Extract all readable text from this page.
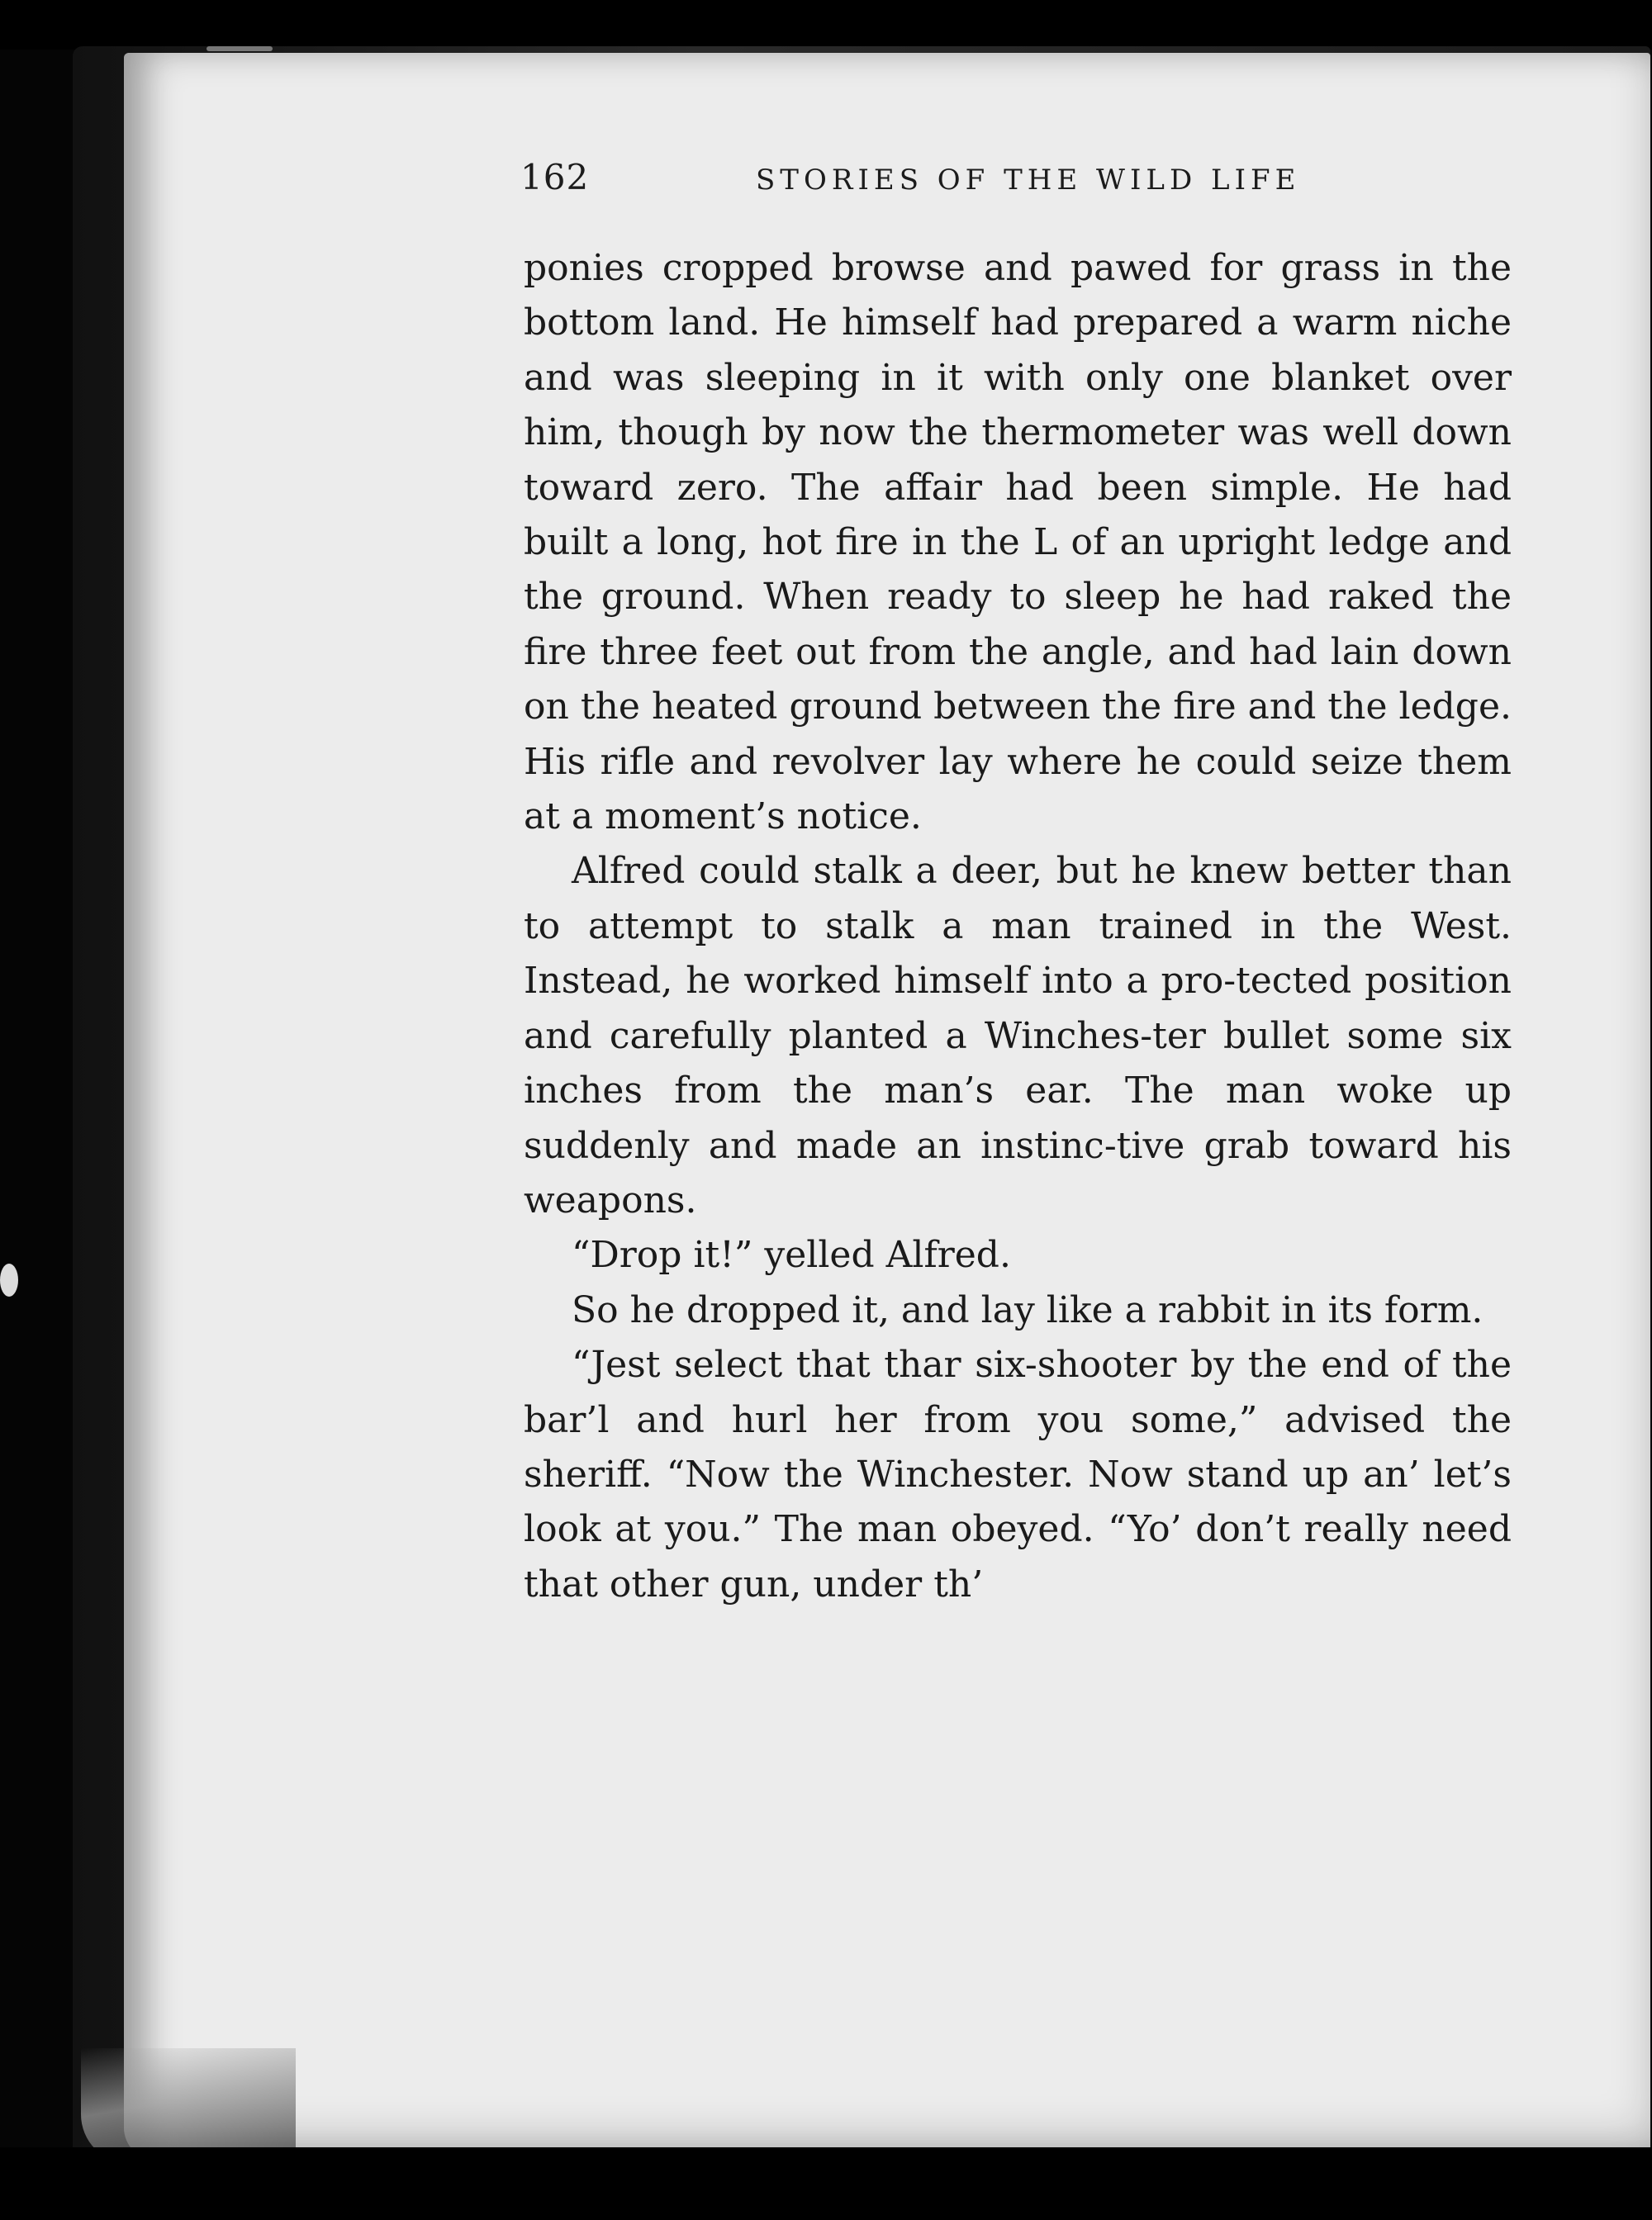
162	STORIES OF THE WILD LIFE

ponies cropped browse and pawed for grass in the bottom land. He himself had prepared a warm niche and was sleeping in it with only one blanket over him, though by now the thermometer was well down toward zero. The affair had been simple. He had built a long, hot fire in the L of an upright ledge and the ground. When ready to sleep he had raked the fire three feet out from the angle, and had lain down on the heated ground between the fire and the ledge. His rifle and revolver lay where he could seize them at a moment’s notice.

Alfred could stalk a deer, but he knew better than to attempt to stalk a man trained in the West. Instead, he worked himself into a pro-tected position and carefully planted a Winches-ter bullet some six inches from the man’s ear. The man woke up suddenly and made an instinc-tive grab toward his weapons.

“Drop it!” yelled Alfred.

So he dropped it, and lay like a rabbit in its form.

“Jest select that thar six-shooter by the end of the bar’l and hurl her from you some,” advised the sheriff. “Now the Winchester. Now stand up an’ let’s look at you.” The man obeyed. “Yo’ don’t really need that other gun, under th’
